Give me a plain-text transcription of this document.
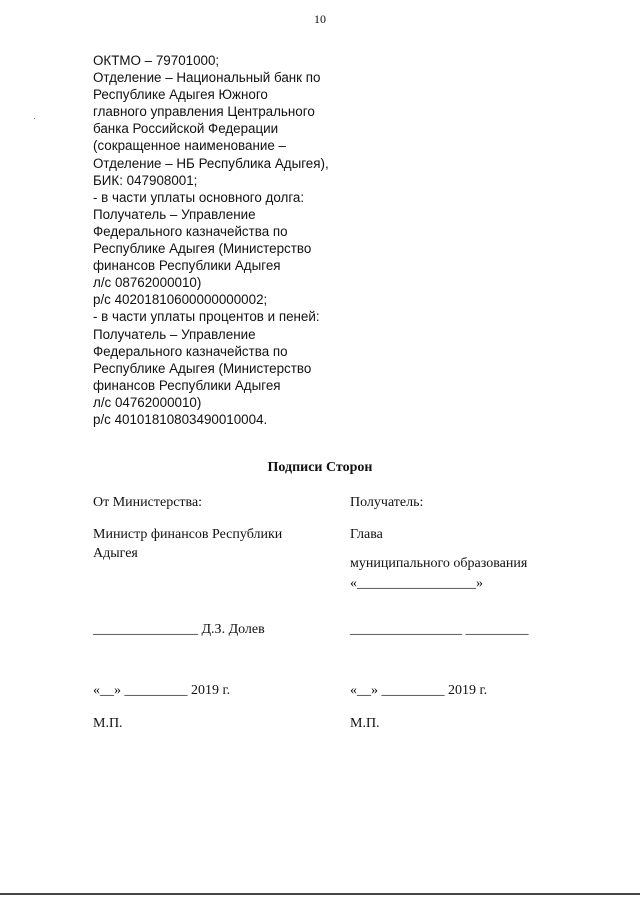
10
ОКТМО – 79701000;
Отделение – Национальный банк по
Республике Адыгея Южного
главного управления Центрального
банка Российской Федерации
(сокращенное наименование –
Отделение – НБ Республика Адыгея),
БИК: 047908001;
- в части уплаты основного долга:
Получатель – Управление
Федерального казначейства по
Республике Адыгея (Министерство
финансов Республики Адыгея
л/с 08762000010)
р/с 40201810600000000002;
- в части уплаты процентов и пеней:
Получатель – Управление
Федерального казначейства по
Республике Адыгея (Министерство
финансов Республики Адыгея
л/с 04762000010)
р/с 40101810803490010004.
Подписи Сторон
От Министерства:
Министр финансов Республики
Адыгея
_______________ Д.З. Долев
«__» _________ 2019 г.
М.П.
Получатель:
Глава
муниципального образования
«_________________»
________________ _________
«__» _________ 2019 г.
М.П.
